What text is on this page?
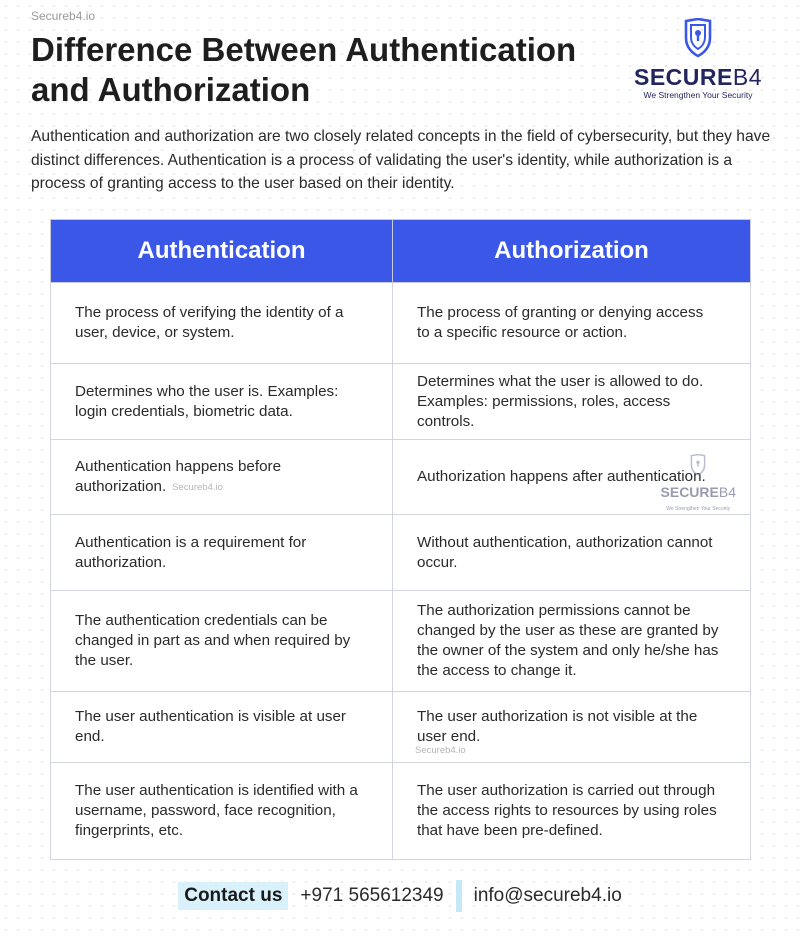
Secureb4.io
Difference Between Authentication and Authorization	SECUREB4
We Strengthen Your Security

Authentication and authorization are two closely related concepts in the field of cybersecurity, but they have distinct differences. Authentication is a process of validating the user's identity, while authorization is a process of granting access to the user based on their identity.

Authentication	Authorization
The process of verifying the identity of a user, device, or system.	The process of granting or denying access to a specific resource or action.
Determines who the user is. Examples: login credentials, biometric data.	Determines what the user is allowed to do. Examples: permissions, roles, access controls.
Authentication happens before authorization. Secureb4.io	Authorization happens after authentication.
SECUREB4
We Strengthen Your Security

Authentication is a requirement for authorization.	Without authentication, authorization cannot occur.
The authentication credentials can be changed in part as and when required by the user.	The authorization permissions cannot be changed by the user as these are granted by the owner of the system and only he/she has the access to change it.
The user authentication is visible at user end.	The user authorization is not visible at the user end.
Secureb4.io

The user authentication is identified with a username, password, face recognition, fingerprints, etc.	The user authorization is carried out through the access rights to resources by using roles that have been pre-defined.
Contact us +971 565612349 info@secureb4.io
